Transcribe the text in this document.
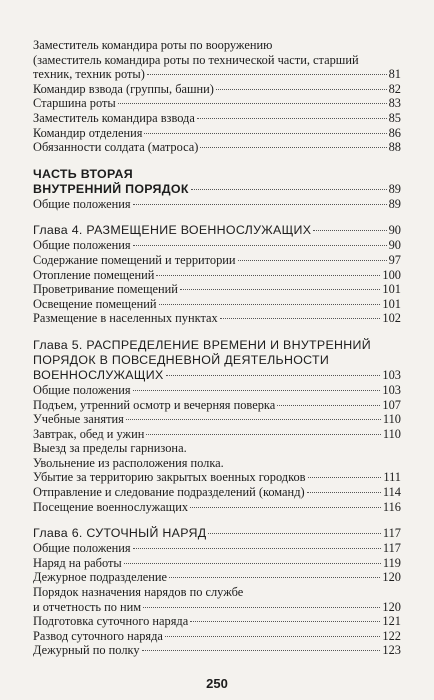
Заместитель командира роты по вооружению
(заместитель командира роты по технической части, старший
техник, техник роты)	81
Командир взвода (группы, башни)	82
Старшина роты	83
Заместитель командира взвода	85
Командир отделения	86
Обязанности солдата (матроса)	88
ЧАСТЬ ВТОРАЯ
ВНУТРЕННИЙ ПОРЯДОК	89
Общие положения	89
Глава 4. РАЗМЕЩЕНИЕ ВОЕННОСЛУЖАЩИХ	90
Общие положения	90
Содержание помещений и территории	97
Отопление помещений	100
Проветривание помещений	101
Освещение помещений	101
Размещение в населенных пунктах	102
Глава 5. РАСПРЕДЕЛЕНИЕ ВРЕМЕНИ И ВНУТРЕННИЙ
ПОРЯДОК В ПОВСЕДНЕВНОЙ ДЕЯТЕЛЬНОСТИ
ВОЕННОСЛУЖАЩИХ	103
Общие положения	103
Подъем, утренний осмотр и вечерняя поверка	107
Учебные занятия	110
Завтрак, обед и ужин	110
Выезд за пределы гарнизона.
Увольнение из расположения полка.
Убытие за территорию закрытых военных городков	111
Отправление и следование подразделений (команд)	114
Посещение военнослужащих	116
Глава 6. СУТОЧНЫЙ НАРЯД	117
Общие положения	117
Наряд на работы	119
Дежурное подразделение	120
Порядок назначения нарядов по службе
и отчетность по ним	120
Подготовка суточного наряда	121
Развод суточного наряда	122
Дежурный по полку	123
250
